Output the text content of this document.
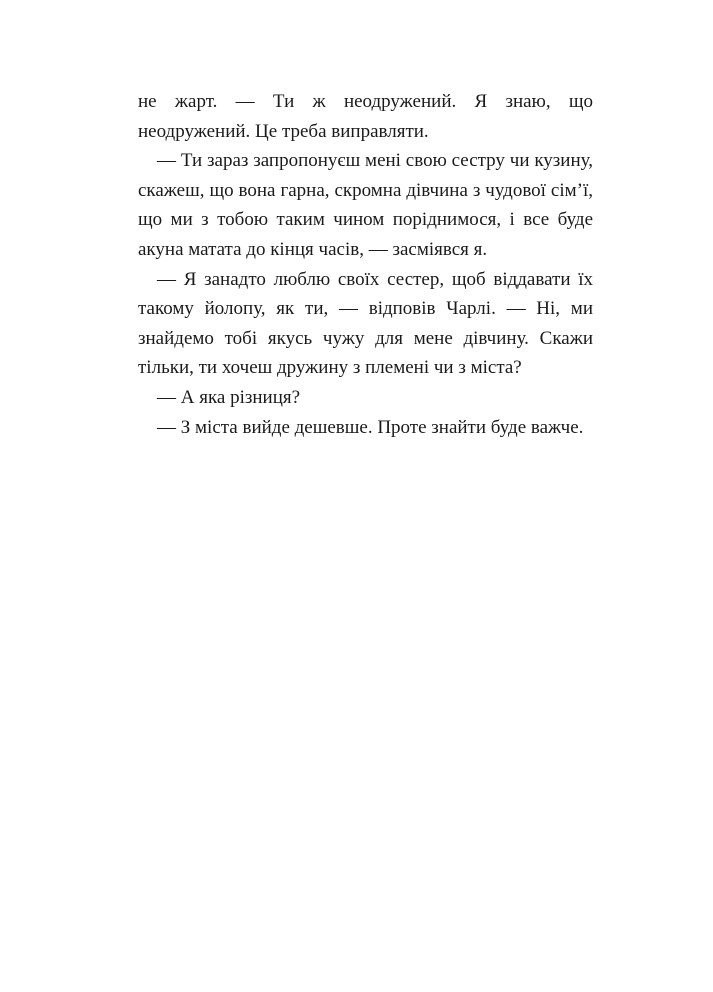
не жарт. — Ти ж неодружений. Я знаю, що неодружений. Це треба виправляти.

— Ти зараз запропонуєш мені свою сестру чи кузину, скажеш, що вона гарна, скромна дівчина з чудової сім’ї, що ми з тобою таким чином поріднимося, і все буде акуна матата до кінця часів, — засміявся я.

— Я занадто люблю своїх сестер, щоб віддавати їх такому йолопу, як ти, — відповів Чарлі. — Ні, ми знайдемо тобі якусь чужу для мене дівчину. Скажи тільки, ти хочеш дружину з племені чи з міста?

— А яка різниця?

— З міста вийде дешевше. Проте знайти буде важче.
